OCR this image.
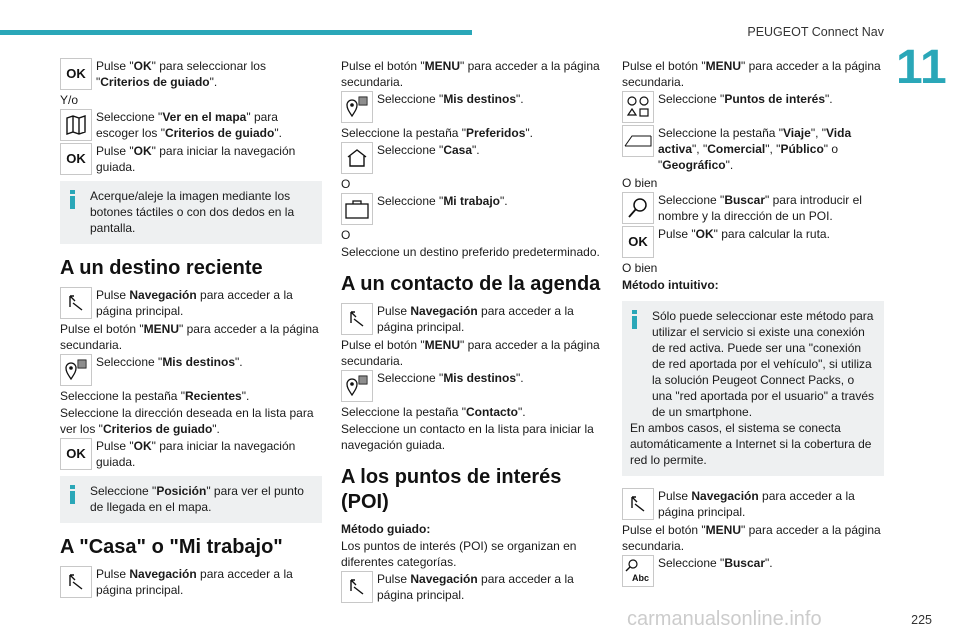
PEUGEOT Connect Nav
11
OK Pulse "OK" para seleccionar los "Criterios de guiado".
Y/o
Seleccione "Ver en el mapa" para escoger los "Criterios de guiado".
OK Pulse "OK" para iniciar la navegación guiada.
Acerque/aleje la imagen mediante los botones táctiles o con dos dedos en la pantalla.
A un destino reciente
Pulse Navegación para acceder a la página principal.
Pulse el botón "MENU" para acceder a la página secundaria.
Seleccione "Mis destinos".
Seleccione la pestaña "Recientes".
Seleccione la dirección deseada en la lista para ver los "Criterios de guiado".
OK Pulse "OK" para iniciar la navegación guiada.
Seleccione "Posición" para ver el punto de llegada en el mapa.
A "Casa" o "Mi trabajo"
Pulse Navegación para acceder a la página principal.
Pulse el botón "MENU" para acceder a la página secundaria.
Seleccione "Mis destinos".
Seleccione la pestaña "Preferidos".
Seleccione "Casa".
O
Seleccione "Mi trabajo".
O
Seleccione un destino preferido predeterminado.
A un contacto de la agenda
Pulse Navegación para acceder a la página principal.
Pulse el botón "MENU" para acceder a la página secundaria.
Seleccione "Mis destinos".
Seleccione la pestaña "Contacto".
Seleccione un contacto en la lista para iniciar la navegación guiada.
A los puntos de interés (POI)
Método guiado:
Los puntos de interés (POI) se organizan en diferentes categorías.
Pulse Navegación para acceder a la página principal.
Pulse el botón "MENU" para acceder a la página secundaria.
Seleccione "Puntos de interés".
Seleccione la pestaña "Viaje", "Vida activa", "Comercial", "Público" o "Geográfico".
O bien
Seleccione "Buscar" para introducir el nombre y la dirección de un POI.
OK Pulse "OK" para calcular la ruta.
O bien
Método intuitivo:
Sólo puede seleccionar este método para utilizar el servicio si existe una conexión de red activa. Puede ser una "conexión de red aportada por el vehículo", si utiliza la solución Peugeot Connect Packs, o una "red aportada por el usuario" a través de un smartphone.
En ambos casos, el sistema se conecta automáticamente a Internet si la cobertura de red lo permite.
Pulse Navegación para acceder a la página principal.
Pulse el botón "MENU" para acceder a la página secundaria.
Abc
Seleccione "Buscar".
carmanualsonline.info	225
